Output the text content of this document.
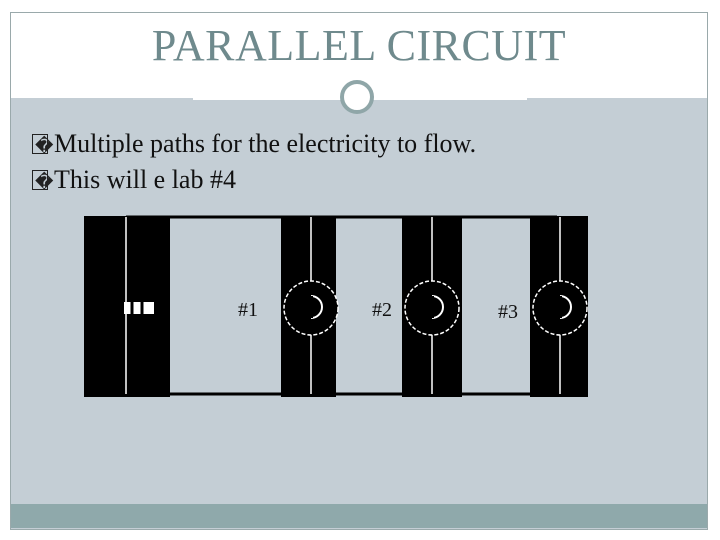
PARALLEL CIRCUIT
� Multiple paths for the electricity to flow.
� This will e lab #4
#1	#2	#3
